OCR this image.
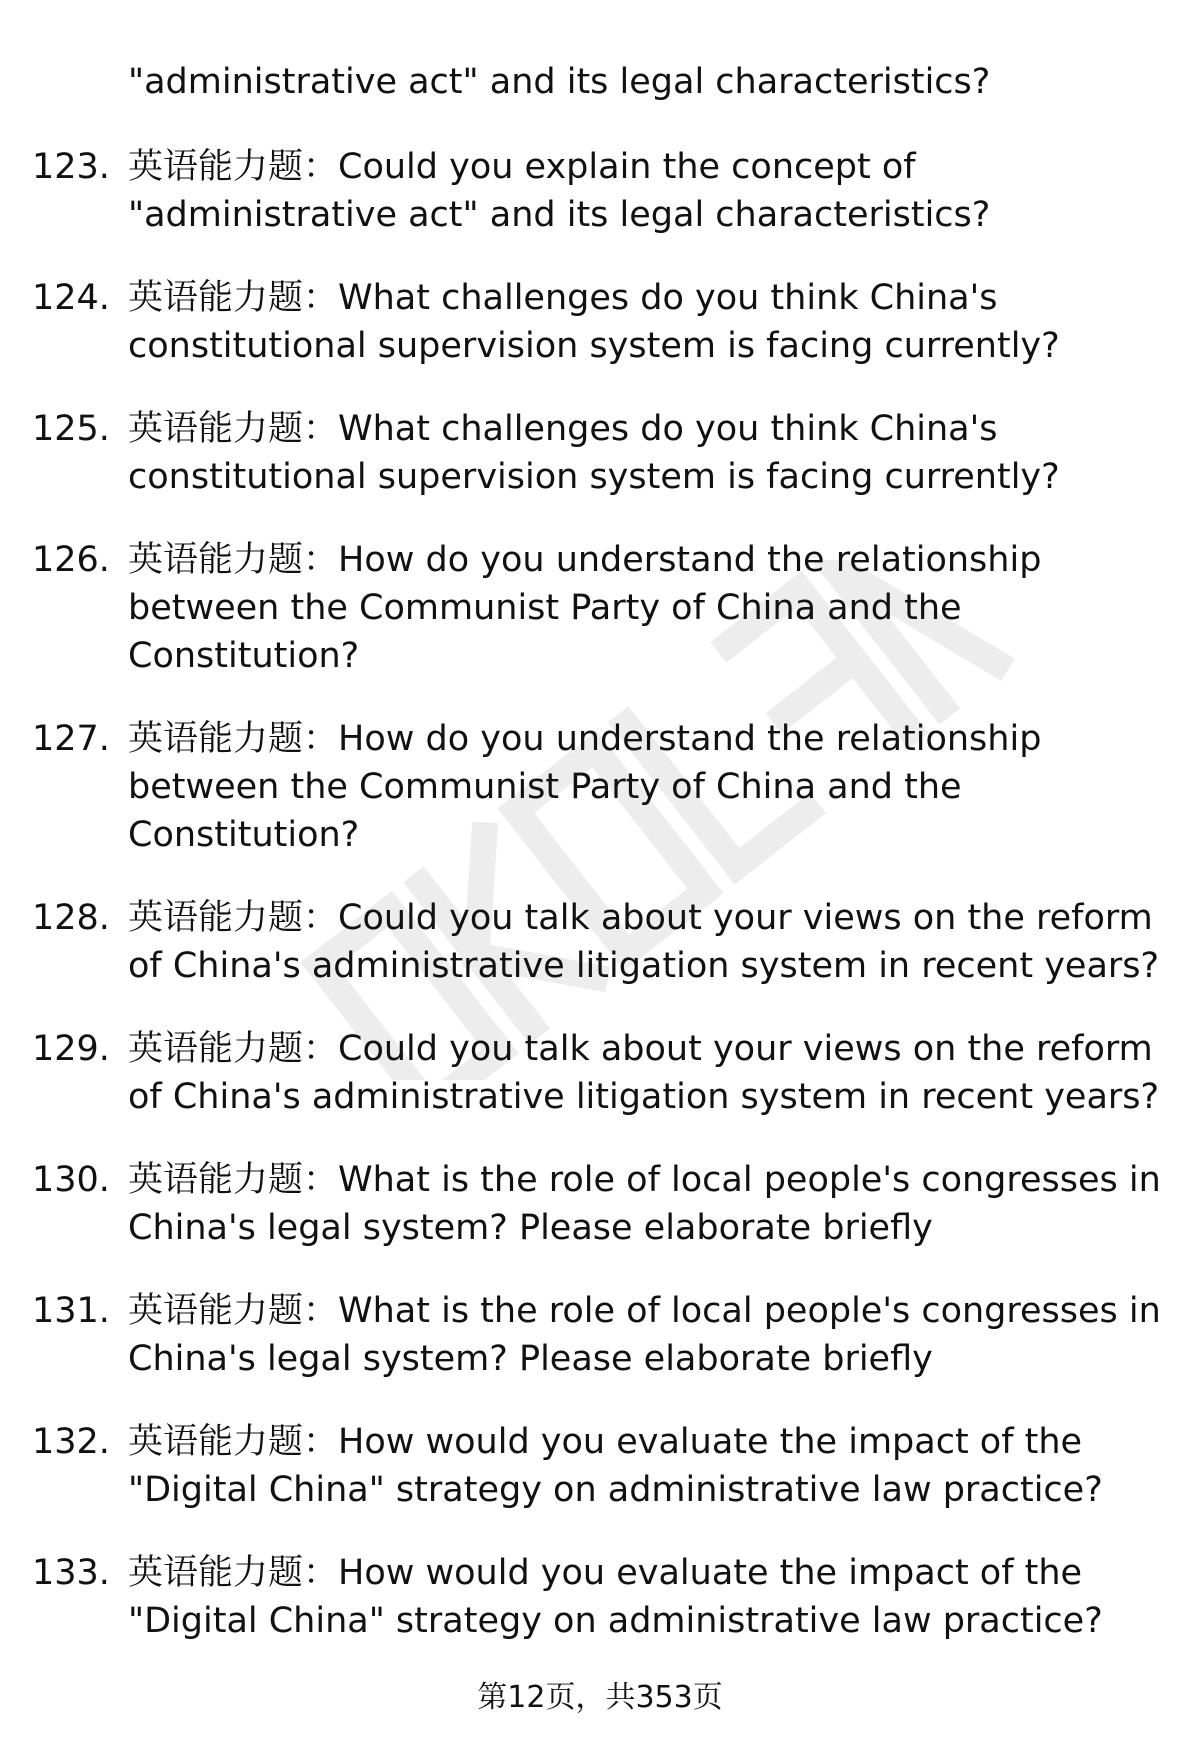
"administrative act" and its legal characteristics?
123. 英语能力题：Could you explain the concept of
"administrative act" and its legal characteristics?
124. 英语能力题：What challenges do you think China's
constitutional supervision system is facing currently?
125. 英语能力题：What challenges do you think China's
constitutional supervision system is facing currently?
126. 英语能力题：How do you understand the relationship
between the Communist Party of China and the
Constitution?
127. 英语能力题：How do you understand the relationship
between the Communist Party of China and the
Constitution?
128. 英语能力题：Could you talk about your views on the reform
of China's administrative litigation system in recent years?
129. 英语能力题：Could you talk about your views on the reform
of China's administrative litigation system in recent years?
130. 英语能力题：What is the role of local people's congresses in
China's legal system? Please elaborate briefly
131. 英语能力题：What is the role of local people's congresses in
China's legal system? Please elaborate briefly
132. 英语能力题：How would you evaluate the impact of the
"Digital China" strategy on administrative law practice?
133. 英语能力题：How would you evaluate the impact of the
"Digital China" strategy on administrative law practice?
第12页，共353页
